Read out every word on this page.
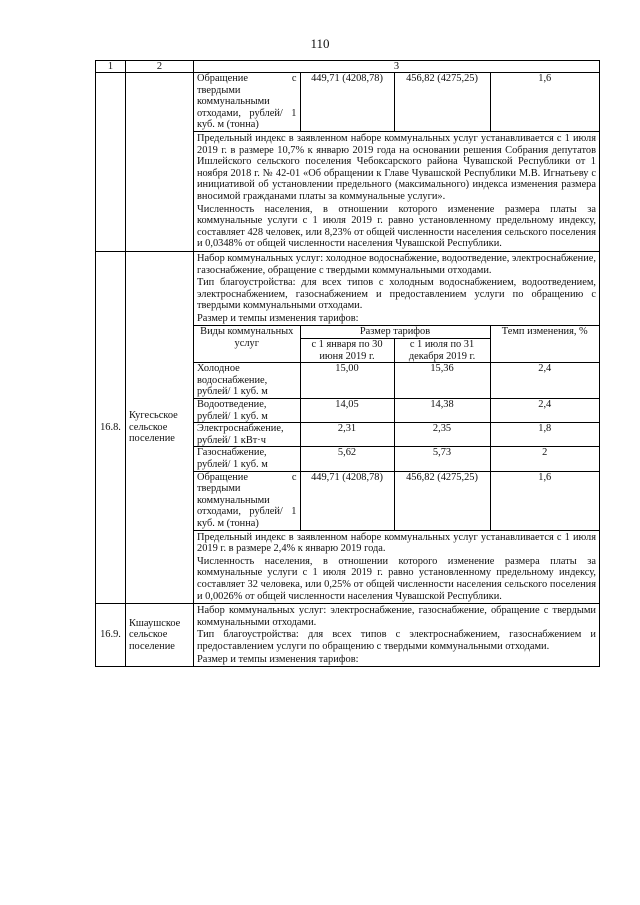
110
1	2	3

Обращение с твердыми коммунальными отходами, рублей/ 1 куб. м (тонна)	449,71 (4208,78)	456,82 (4275,25)	1,6
Предельный индекс в заявленном наборе коммунальных услуг устанавливается с 1 июля 2019 г. в размере 10,7% к январю 2019 года на основании решения Собрания депутатов Ишлейского сельского поселения Чебоксарского района Чувашской Республики от 1 ноября 2018 г. № 42-01 «Об обращении к Главе Чувашской Республики М.В. Игнатьеву с инициативой об установлении предельного (максимального) индекса изменения размера вносимой гражданами платы за коммунальные услуги».
Численность населения, в отношении которого изменение размера платы за коммунальные услуги с 1 июля 2019 г. равно установленному предельному индексу, составляет 428 человек, или 8,23% от общей численности населения сельского поселения и 0,0348% от общей численности населения Чувашской Республики.

16.8.	Кугесьское сельское поселение	
Набор коммунальных услуг: холодное водоснабжение, водоотведение, электроснабжение, газоснабжение, обращение с твердыми коммунальными отходами.
Тип благоустройства: для всех типов с холодным водоснабжением, водоотведением, электроснабжением, газоснабжением и предоставлением услуги по обращению с твердыми коммунальными отходами.
Размер и темпы изменения тарифов:
Виды коммунальных услуг	Размер тарифов	Темп изменения, %
с 1 января по 30 июня 2019 г.	с 1 июля по 31 декабря 2019 г.
Холодное водоснабжение, рублей/ 1 куб. м	15,00	15,36	2,4
Водоотведение, рублей/ 1 куб. м	14,05	14,38	2,4
Электроснабжение, рублей/ 1 кВт·ч	2,31	2,35	1,8
Газоснабжение, рублей/ 1 куб. м	5,62	5,73	2
Обращение с твердыми коммунальными отходами, рублей/ 1 куб. м (тонна)	449,71 (4208,78)	456,82 (4275,25)	1,6
Предельный индекс в заявленном наборе коммунальных услуг устанавливается с 1 июля 2019 г. в размере 2,4% к январю 2019 года.
Численность населения, в отношении которого изменение размера платы за коммунальные услуги с 1 июля 2019 г. равно установленному предельному индексу, составляет 32 человека, или 0,25% от общей численности населения сельского поселения и 0,0026% от общей численности населения Чувашской Республики.

16.9.	Кшаушское сельское поселение	
Набор коммунальных услуг: электроснабжение, газоснабжение, обращение с твердыми коммунальными отходами.
Тип благоустройства: для всех типов с электроснабжением, газоснабжением и предоставлением услуги по обращению с твердыми коммунальными отходами.
Размер и темпы изменения тарифов:
